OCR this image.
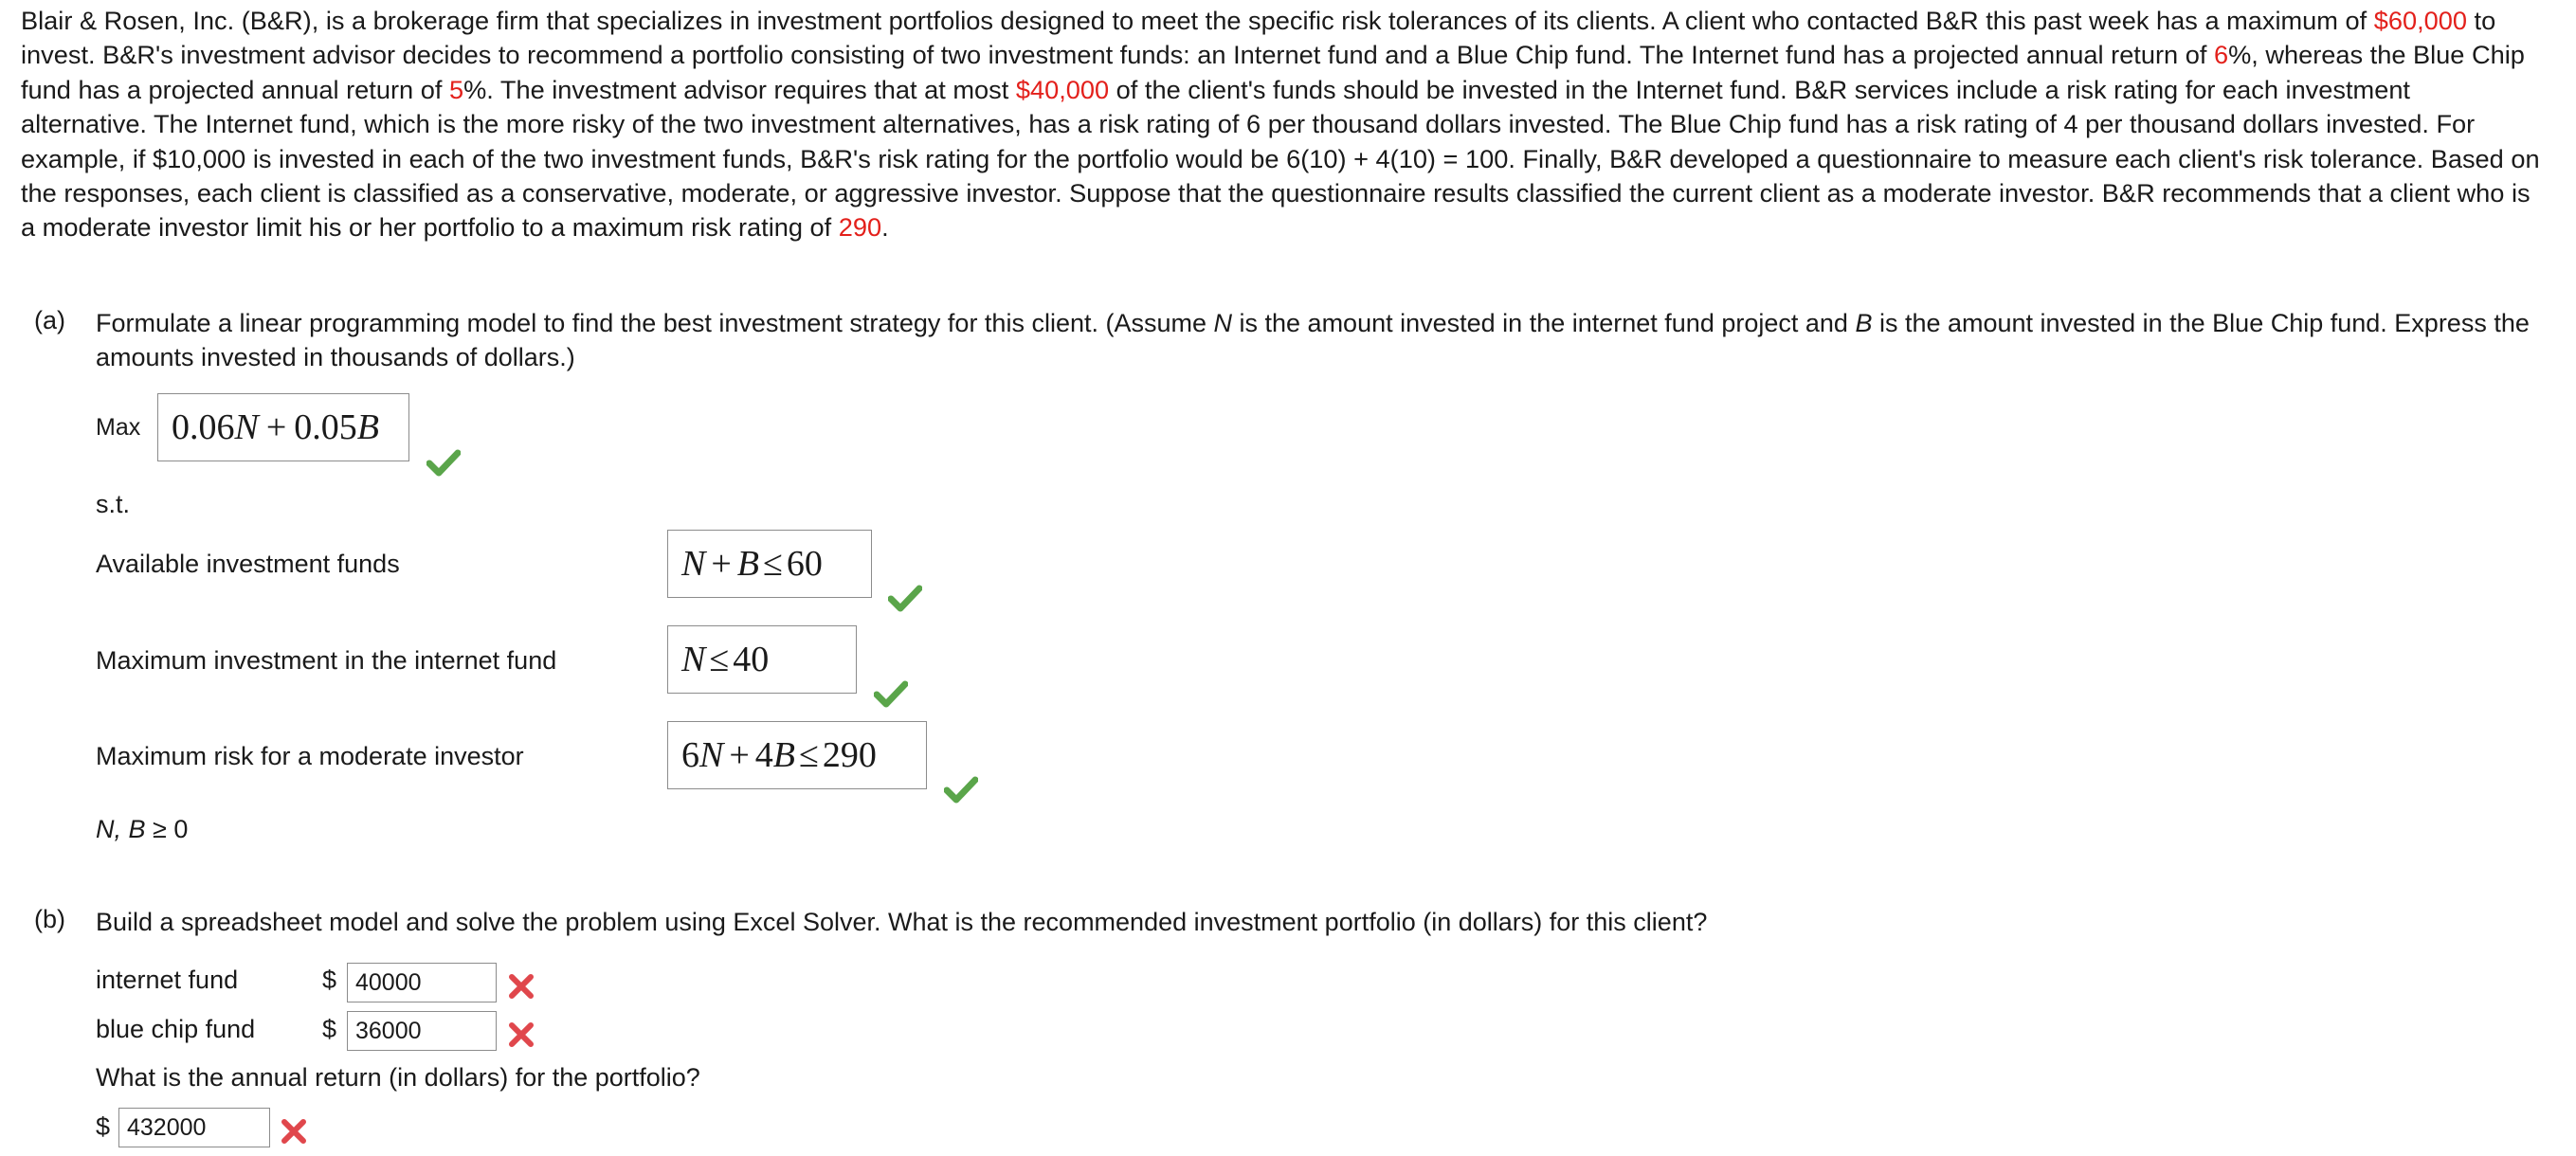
Blair & Rosen, Inc. (B&R), is a brokerage firm that specializes in investment portfolios designed to meet the specific risk tolerances of its clients. A client who contacted B&R this past week has a maximum of $60,000 to invest. B&R's investment advisor decides to recommend a portfolio consisting of two investment funds: an Internet fund and a Blue Chip fund. The Internet fund has a projected annual return of 6%, whereas the Blue Chip fund has a projected annual return of 5%. The investment advisor requires that at most $40,000 of the client's funds should be invested in the Internet fund. B&R services include a risk rating for each investment alternative. The Internet fund, which is the more risky of the two investment alternatives, has a risk rating of 6 per thousand dollars invested. The Blue Chip fund has a risk rating of 4 per thousand dollars invested. For example, if $10,000 is invested in each of the two investment funds, B&R's risk rating for the portfolio would be 6(10) + 4(10) = 100. Finally, B&R developed a questionnaire to measure each client's risk tolerance. Based on the responses, each client is classified as a conservative, moderate, or aggressive investor. Suppose that the questionnaire results classified the current client as a moderate investor. B&R recommends that a client who is a moderate investor limit his or her portfolio to a maximum risk rating of 290.
(a) Formulate a linear programming model to find the best investment strategy for this client. (Assume N is the amount invested in the internet fund project and B is the amount invested in the Blue Chip fund. Express the amounts invested in thousands of dollars.)
Max 0.06 N + 0.05 B
s.t.
Available investment funds	N + B ≤ 60
Maximum investment in the internet fund	N ≤ 40
Maximum risk for a moderate investor	6 N + 4 B ≤ 290
N, B ≥ 0
(b) Build a spreadsheet model and solve the problem using Excel Solver. What is the recommended investment portfolio (in dollars) for this client?
internet fund	$ 40000
blue chip fund	$ 36000
What is the annual return (in dollars) for the portfolio?
$ 432000
